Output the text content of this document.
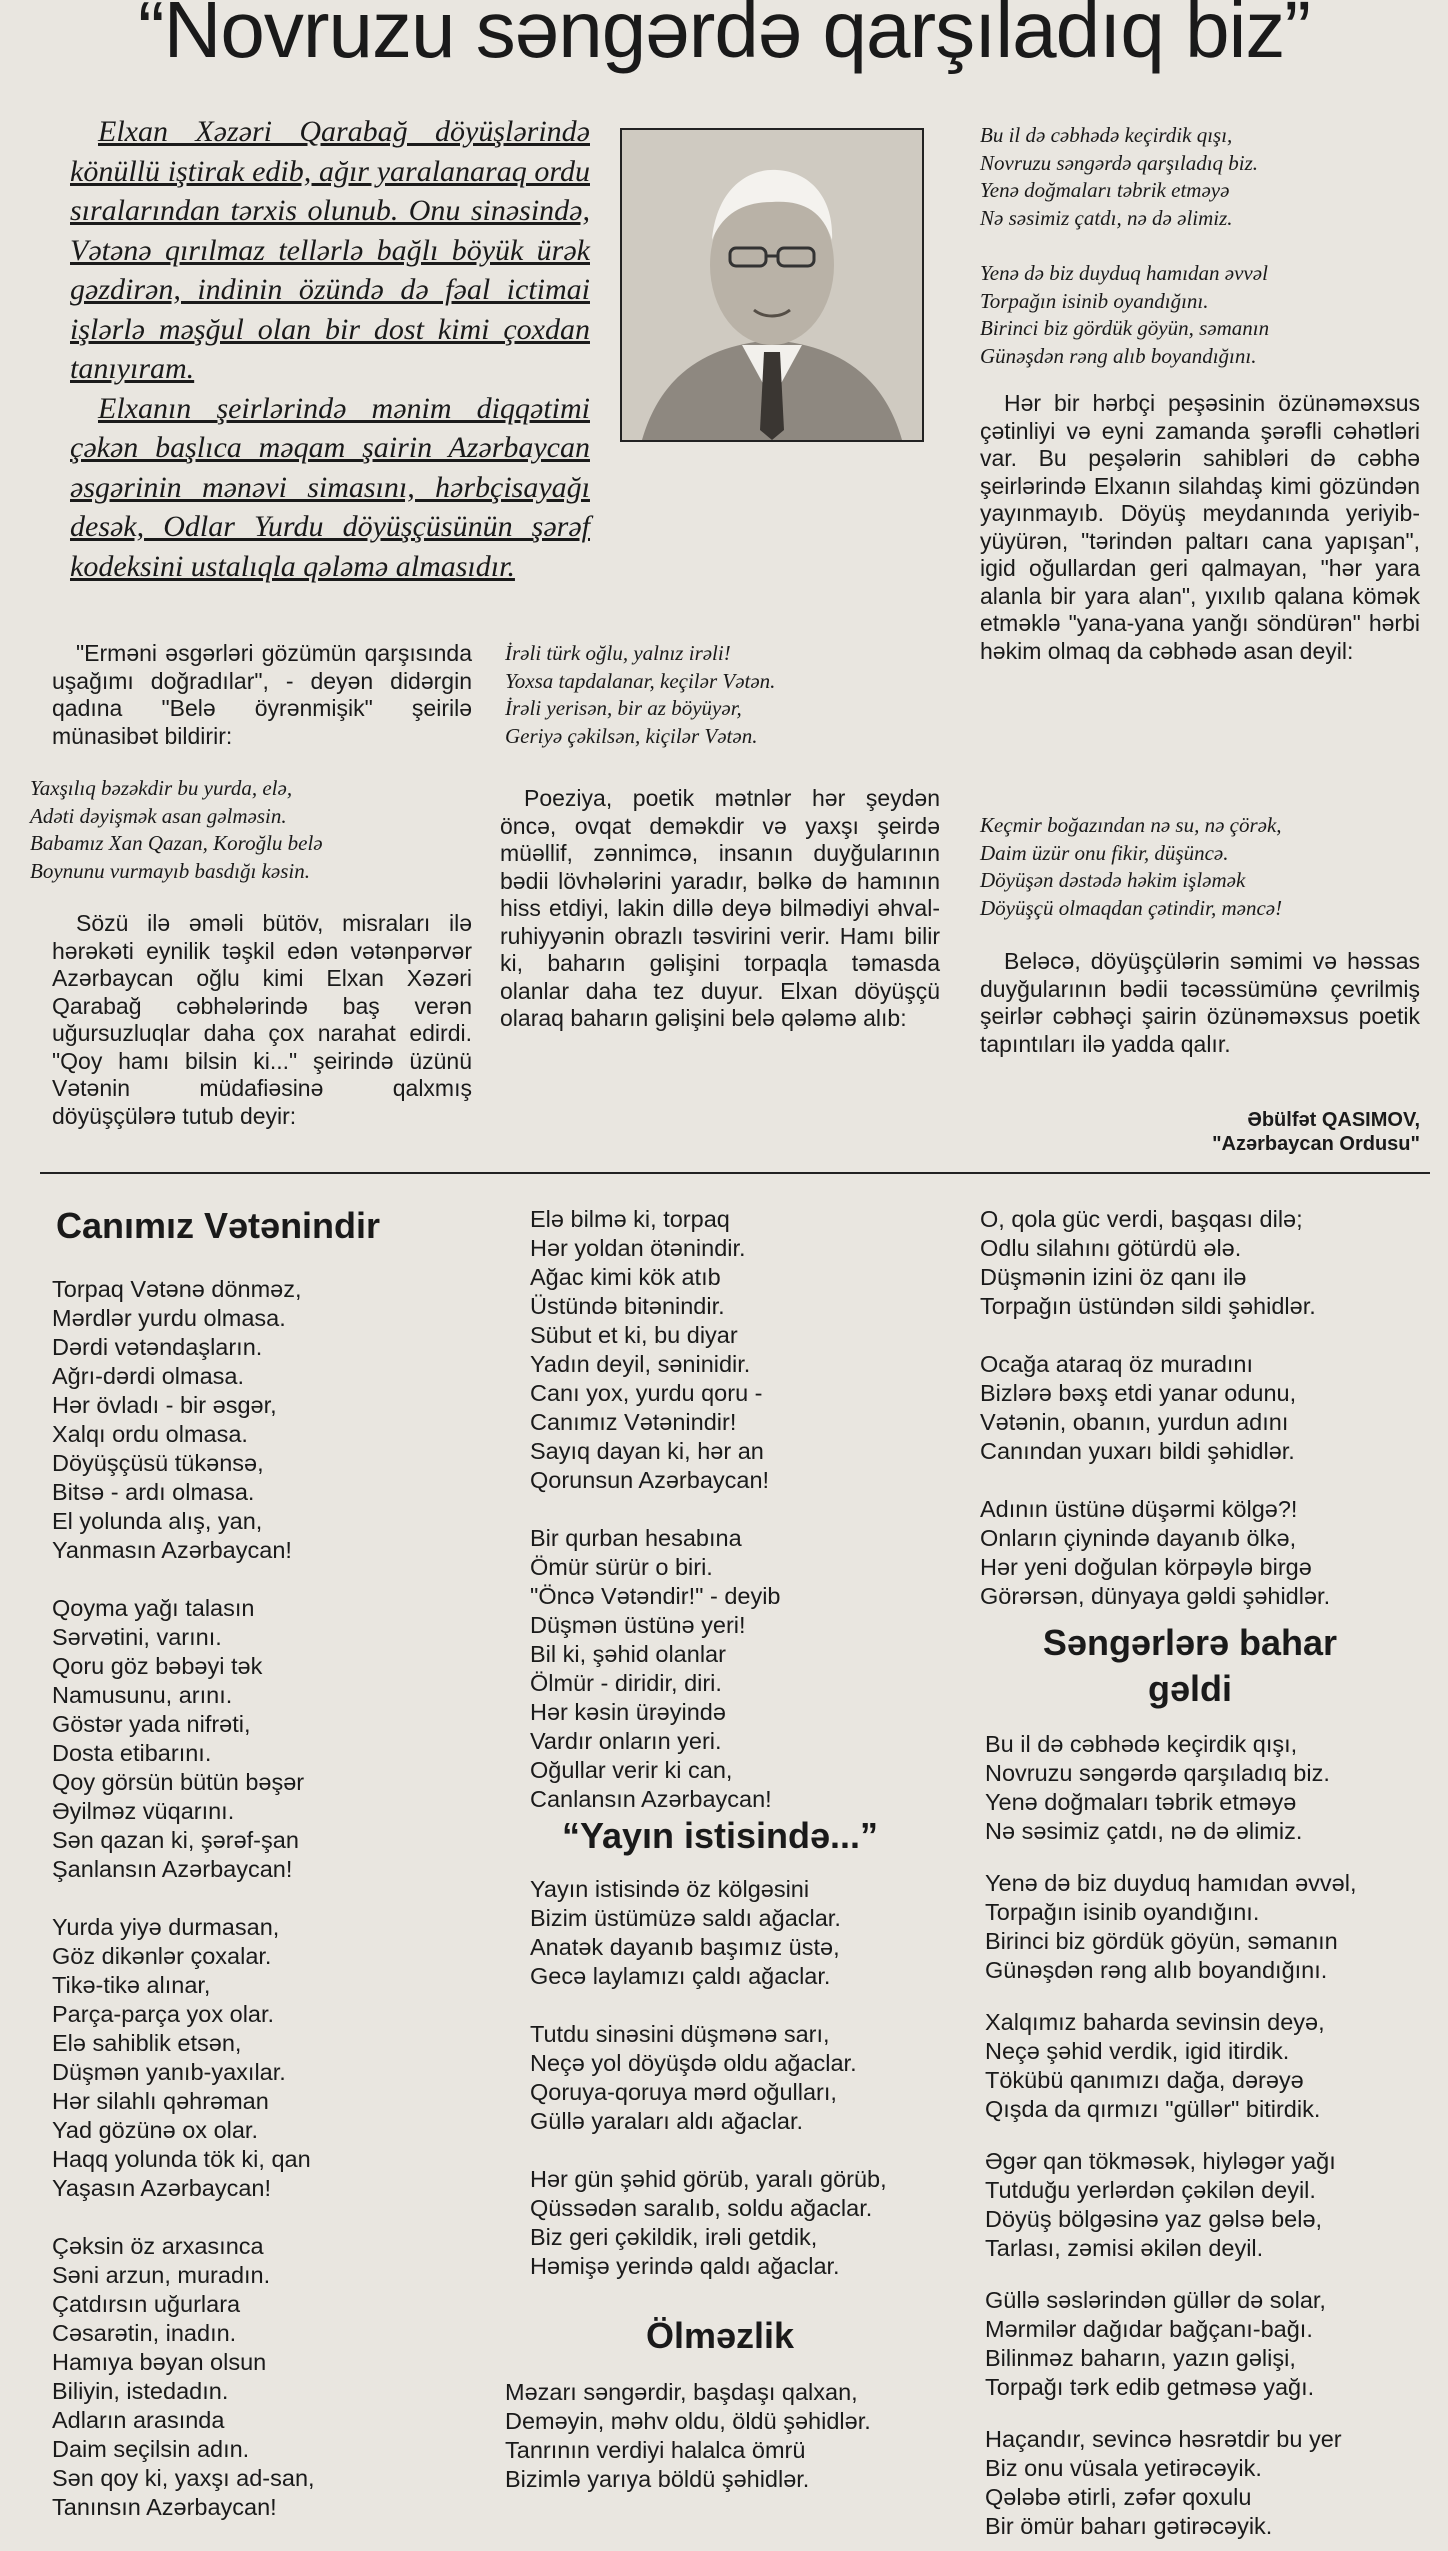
“Novruzu səngərdə qarşıladıq biz”

Elxan Xəzəri Qarabağ döyüşlərində könüllü iştirak edib, ağır yaralanaraq ordu sıralarından tərxis olunub. Onu sinəsində, Vətənə qırılmaz tellərlə bağlı böyük ürək gəzdirən, indinin özündə də fəal ictimai işlərlə məşğul olan bir dost kimi çoxdan tanıyıram.

Elxanın şeirlərində mənim diqqətimi çəkən başlıca məqam şairin Azərbaycan əsgərinin mənəvi simasını, hərbçisayağı desək, Odlar Yurdu döyüşçüsünün şərəf kodeksini ustalıqla qələmə almasıdır.

Bu il də cəbhədə keçirdik qışı,
Novruzu səngərdə qarşıladıq biz.
Yenə doğmaları təbrik etməyə
Nə səsimiz çatdı, nə də əlimiz.
Yenə də biz duyduq hamıdan əvvəl
Torpağın isinib oyandığını.
Birinci biz gördük göyün, səmanın
Günəşdən rəng alıb boyandığını.

Hər bir hərbçi peşəsinin özünəməxsus çətinliyi və eyni zamanda şərəfli cəhətləri var. Bu peşələrin sahibləri də cəbhə şeirlərində Elxanın silahdaş kimi gözündən yayınmayıb. Döyüş meydanında yeriyib-yüyürən, "tərindən paltarı cana yapışan", igid oğullardan geri qalmayan, "hər yara alanla bir yara alan", yıxılıb qalana kömək etməklə "yana-yana yanğı söndürən" hərbi həkim olmaq da cəbhədə asan deyil:

Keçmir boğazından nə su, nə çörək,
Daim üzür onu fikir, düşüncə.
Döyüşən dəstədə həkim işləmək
Döyüşçü olmaqdan çətindir, məncə!

Beləcə, döyüşçülərin səmimi və həssas duyğularının bədii təcəssümünə çevrilmiş şeirlər cəbhəçi şairin özünəməxsus poetik tapıntıları ilə yadda qalır.

Əbülfət QASIMOV,
"Azərbaycan Ordusu"

"Erməni əsgərləri gözümün qarşısında uşağımı doğradılar", - deyən didərgin qadına "Belə öyrənmişik" şeirilə münasibət bildirir:

Yaxşılıq bəzəkdir bu yurda, elə,
Adəti dəyişmək asan gəlməsin.
Babamız Xan Qazan, Koroğlu belə
Boynunu vurmayıb basdığı kəsin.

Sözü ilə əməli bütöv, misraları ilə hərəkəti eynilik təşkil edən vətənpərvər Azərbaycan oğlu kimi Elxan Xəzəri Qarabağ cəbhələrində baş verən uğursuzluqlar daha çox narahat edirdi. "Qoy hamı bilsin ki..." şeirində üzünü Vətənin müdafiəsinə qalxmış döyüşçülərə tutub deyir:

İrəli türk oğlu, yalnız irəli!
Yoxsa tapdalanar, keçilər Vətən.
İrəli yerisən, bir az böyüyər,
Geriyə çəkilsən, kiçilər Vətən.

Poeziya, poetik mətnlər hər şeydən öncə, ovqat deməkdir və yaxşı şeirdə müəllif, zənnimcə, insanın duyğularının bədii lövhələrini yaradır, bəlkə də hamının hiss etdiyi, lakin dillə deyə bilmədiyi əhval-ruhiyyənin obrazlı təsvirini verir. Hamı bilir ki, baharın gəlişini torpaqla təmasda olanlar daha tez duyur. Elxan döyüşçü olaraq baharın gəlişini belə qələmə alıb:

Canımız Vətənindir
Torpaq Vətənə dönməz,
Mərdlər yurdu olmasa.
Dərdi vətəndaşların.
Ağrı-dərdi olmasa.
Hər övladı - bir əsgər,
Xalqı ordu olmasa.
Döyüşçüsü tükənsə,
Bitsə - ardı olmasa.
El yolunda alış, yan,
Yanmasın Azərbaycan!
Qoyma yağı talasın
Sərvətini, varını.
Qoru göz bəbəyi tək
Namusunu, arını.
Göstər yada nifrəti,
Dosta etibarını.
Qoy görsün bütün bəşər
Əyilməz vüqarını.
Sən qazan ki, şərəf-şan
Şanlansın Azərbaycan!
Yurda yiyə durmasan,
Göz dikənlər çoxalar.
Tikə-tikə alınar,
Parça-parça yox olar.
Elə sahiblik etsən,
Düşmən yanıb-yaxılar.
Hər silahlı qəhrəman
Yad gözünə ox olar.
Haqq yolunda tök ki, qan
Yaşasın Azərbaycan!
Çəksin öz arxasınca
Səni arzun, muradın.
Çatdırsın uğurlara
Cəsarətin, inadın.
Hamıya bəyan olsun
Biliyin, istedadın.
Adların arasında
Daim seçilsin adın.
Sən qoy ki, yaxşı ad-san,
Tanınsın Azərbaycan!
Elə bilmə ki, torpaq
Hər yoldan ötənindir.
Ağac kimi kök atıb
Üstündə bitənindir.
Sübut et ki, bu diyar
Yadın deyil, səninidir.
Canı yox, yurdu qoru -
Canımız Vətənindir!
Sayıq dayan ki, hər an
Qorunsun Azərbaycan!
Bir qurban hesabına
Ömür sürür o biri.
"Öncə Vətəndir!" - deyib
Düşmən üstünə yeri!
Bil ki, şəhid olanlar
Ölmür - diridir, diri.
Hər kəsin ürəyində
Vardır onların yeri.
Oğullar verir ki can,
Canlansın Azərbaycan!
“Yayın istisində...”
Yayın istisində öz kölgəsini
Bizim üstümüzə saldı ağaclar.
Anatək dayanıb başımız üstə,
Gecə laylamızı çaldı ağaclar.
Tutdu sinəsini düşmənə sarı,
Neçə yol döyüşdə oldu ağaclar.
Qoruya-qoruya mərd oğulları,
Güllə yaraları aldı ağaclar.
Hər gün şəhid görüb, yaralı görüb,
Qüssədən saralıb, soldu ağaclar.
Biz geri çəkildik, irəli getdik,
Həmişə yerində qaldı ağaclar.
Ölməzlik
Məzarı səngərdir, başdaşı qalxan,
Deməyin, məhv oldu, öldü şəhidlər.
Tanrının verdiyi halalca ömrü
Bizimlə yarıya böldü şəhidlər.
O, qola güc verdi, başqası dilə;
Odlu silahını götürdü ələ.
Düşmənin izini öz qanı ilə
Torpağın üstündən sildi şəhidlər.
Ocağa ataraq öz muradını
Bizlərə bəxş etdi yanar odunu,
Vətənin, obanın, yurdun adını
Canından yuxarı bildi şəhidlər.
Adının üstünə düşərmi kölgə?!
Onların çiynində dayanıb ölkə,
Hər yeni doğulan körpəylə birgə
Görərsən, dünyaya gəldi şəhidlər.
Səngərlərə bahar gəldi
Bu il də cəbhədə keçirdik qışı,
Novruzu səngərdə qarşıladıq biz.
Yenə doğmaları təbrik etməyə
Nə səsimiz çatdı, nə də əlimiz.
Yenə də biz duyduq hamıdan əvvəl,
Torpağın isinib oyandığını.
Birinci biz gördük göyün, səmanın
Günəşdən rəng alıb boyandığını.
Xalqımız baharda sevinsin deyə,
Neçə şəhid verdik, igid itirdik.
Tökübü qanımızı dağa, dərəyə
Qışda da qırmızı "güllər" bitirdik.
Əgər qan tökməsək, hiyləgər yağı
Tutduğu yerlərdən çəkilən deyil.
Döyüş bölgəsinə yaz gəlsə belə,
Tarlası, zəmisi əkilən deyil.
Güllə səslərindən güllər də solar,
Mərmilər dağıdar bağçanı-bağı.
Bilinməz baharın, yazın gəlişi,
Torpağı tərk edib getməsə yağı.
Haçandır, sevincə həsrətdir bu yer
Biz onu vüsala yetirəcəyik.
Qələbə ətirli, zəfər qoxulu
Bir ömür baharı gətirəcəyik.
